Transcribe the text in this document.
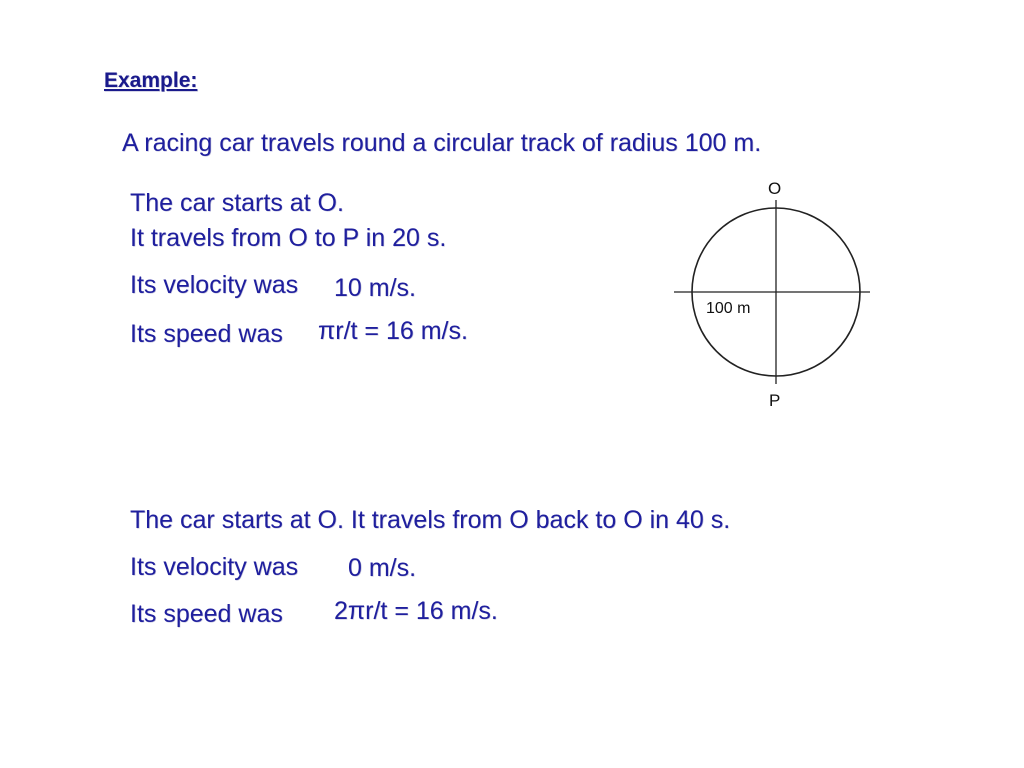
Example:
A racing car travels round a circular track of radius 100 m.
The car starts at O.
It travels from O to P in 20 s.
Its velocity was 10 m/s.
Its speed was πr/t = 16 m/s.
O
P
100 m
The car starts at O. It travels from O back to O in 40 s.
Its velocity was 0 m/s.
Its speed was 2πr/t = 16 m/s.
